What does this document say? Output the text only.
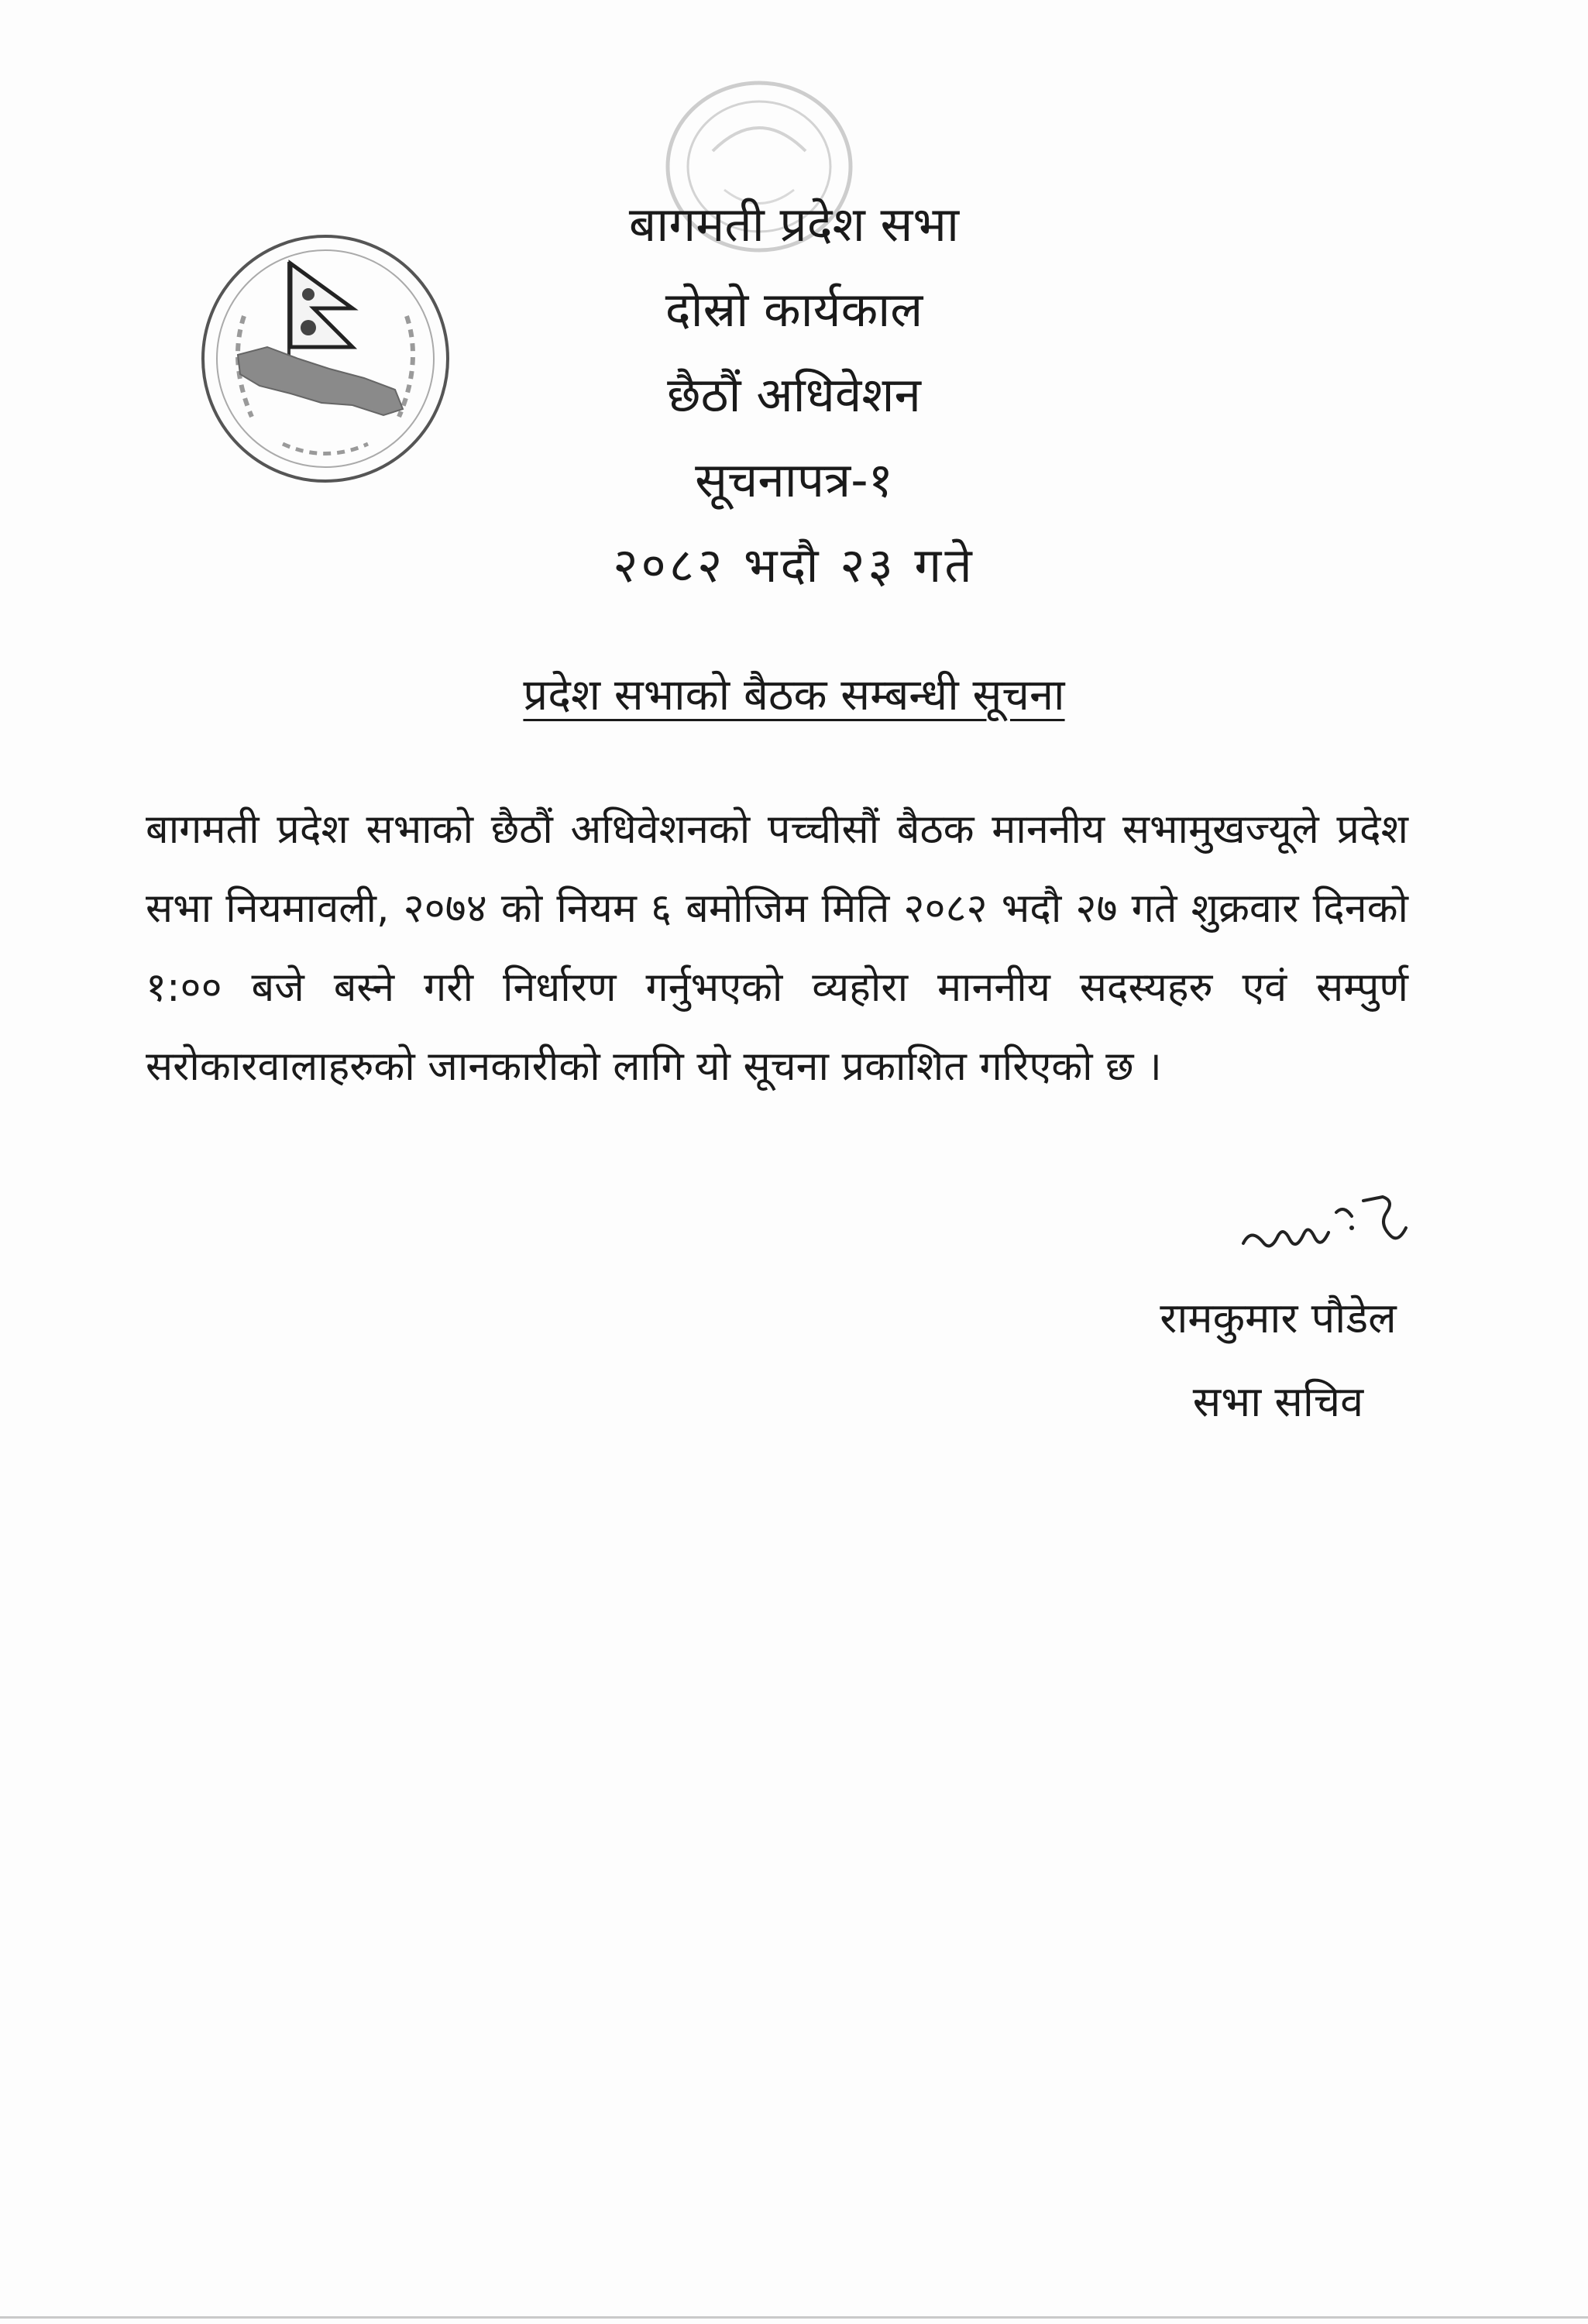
बागमती प्रदेश सभा
दोस्रो कार्यकाल
छैठौं अधिवेशन
सूचनापत्र-१
२०८२ भदौ २३ गते
प्रदेश सभाको बैठक सम्बन्धी सूचना
बागमती प्रदेश सभाको छैठौं अधिवेशनको पच्चीसौं बैठक माननीय सभामुखज्यूले प्रदेश सभा नियमावली, २०७४ को नियम ६ बमोजिम मिति २०८२ भदौ २७ गते शुक्रवार दिनको १:०० बजे बस्ने गरी निर्धारण गर्नुभएको व्यहोरा माननीय सदस्यहरु एवं सम्पुर्ण सरोकारवालाहरुको जानकारीको लागि यो सूचना प्रकाशित गरिएको छ ।
रामकुमार पौडेल
सभा सचिव
